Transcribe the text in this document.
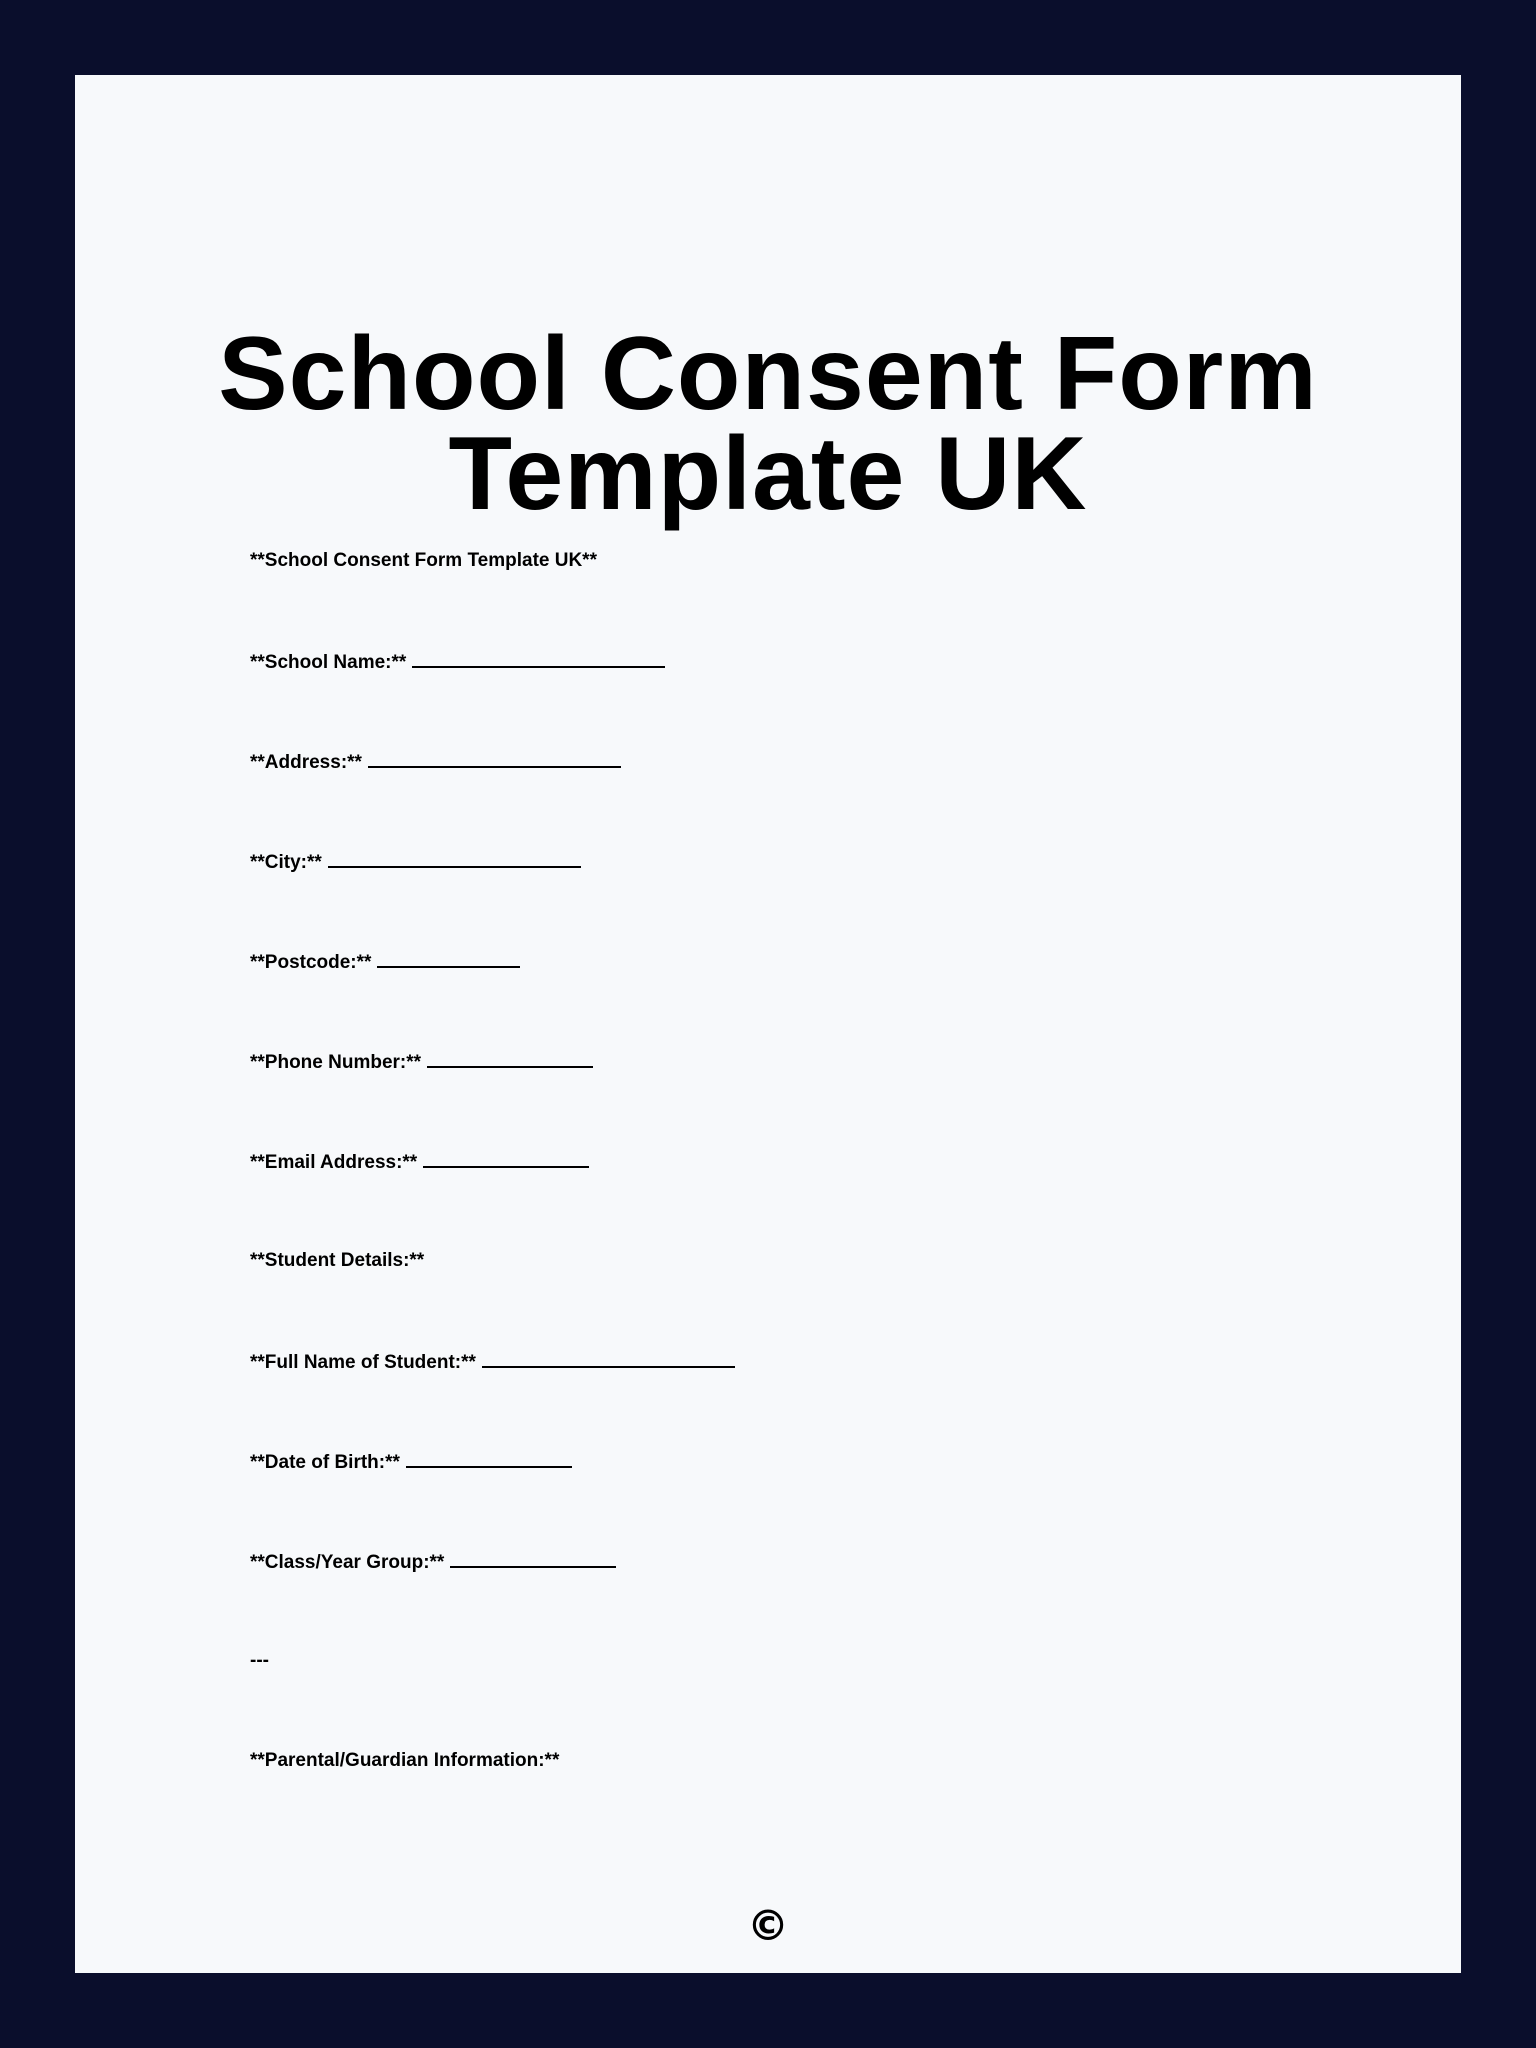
School Consent Form
Template UK
**School Consent Form Template UK**
**School Name:**
**Address:**
**City:**
**Postcode:**
**Phone Number:**
**Email Address:**
**Student Details:**
**Full Name of Student:**
**Date of Birth:**
**Class/Year Group:**
---
**Parental/Guardian Information:**
©
